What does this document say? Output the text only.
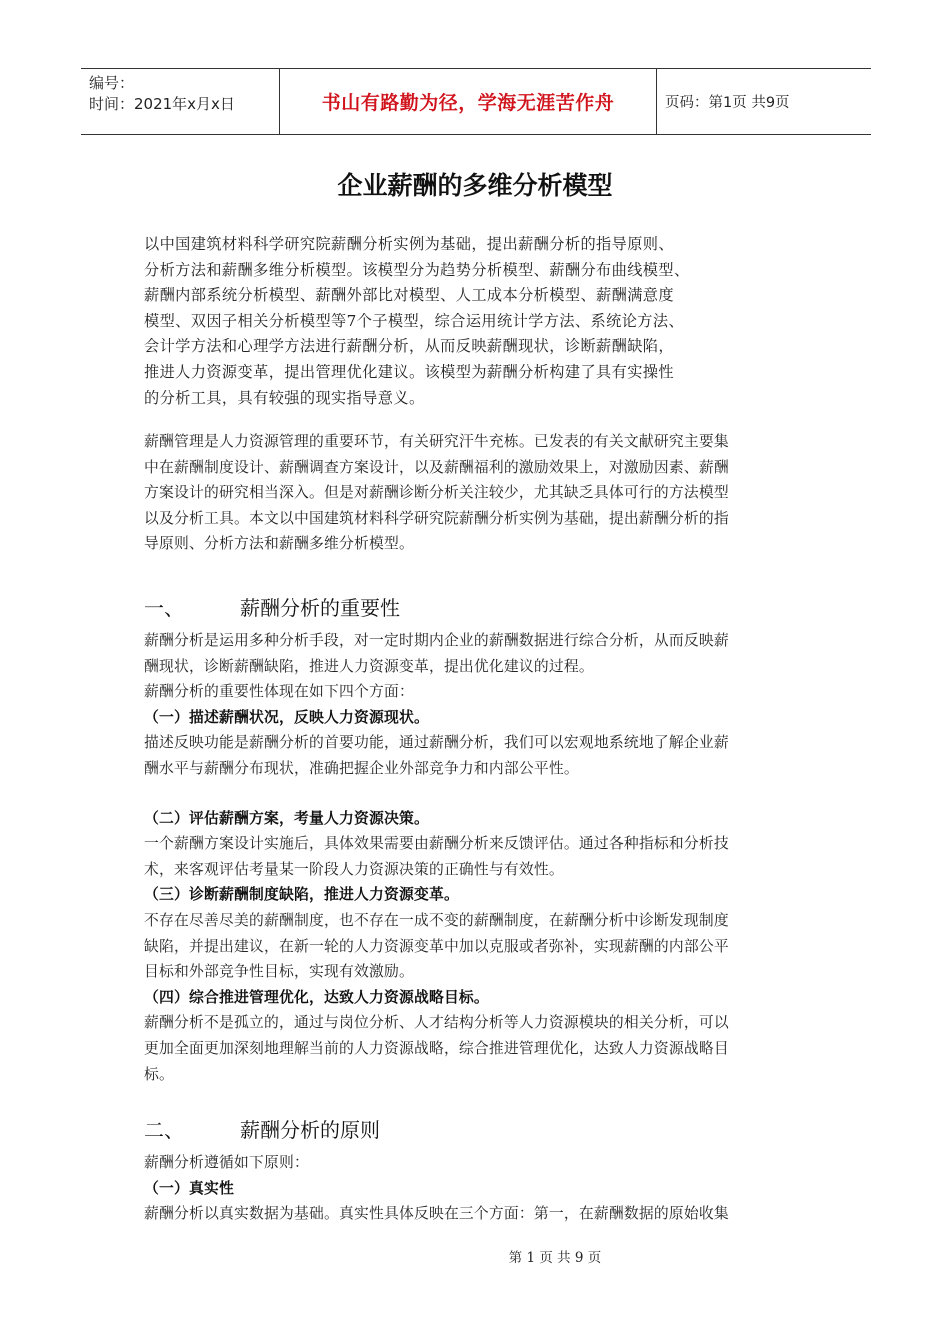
编号：
时间：2021年x月x日	书山有路勤为径，学海无涯苦作舟	页码：第1页 共9页
企业薪酬的多维分析模型

以中国建筑材料科学研究院薪酬分析实例为基础，提出薪酬分析的指导原则、

分析方法和薪酬多维分析模型。该模型分为趋势分析模型、薪酬分布曲线模型、

薪酬内部系统分析模型、薪酬外部比对模型、人工成本分析模型、薪酬满意度

模型、双因子相关分析模型等7个子模型，综合运用统计学方法、系统论方法、

会计学方法和心理学方法进行薪酬分析，从而反映薪酬现状，诊断薪酬缺陷，

推进人力资源变革，提出管理优化建议。该模型为薪酬分析构建了具有实操性

的分析工具，具有较强的现实指导意义。

薪酬管理是人力资源管理的重要环节，有关研究汗牛充栋。已发表的有关文献研究主要集

中在薪酬制度设计、薪酬调查方案设计，以及薪酬福利的激励效果上，对激励因素、薪酬

方案设计的研究相当深入。但是对薪酬诊断分析关注较少，尤其缺乏具体可行的方法模型

以及分析工具。本文以中国建筑材料科学研究院薪酬分析实例为基础，提出薪酬分析的指

导原则、分析方法和薪酬多维分析模型。

一、	薪酬分析的重要性

薪酬分析是运用多种分析手段，对一定时期内企业的薪酬数据进行综合分析，从而反映薪

酬现状，诊断薪酬缺陷，推进人力资源变革，提出优化建议的过程。

薪酬分析的重要性体现在如下四个方面：

（一）描述薪酬状况，反映人力资源现状。

描述反映功能是薪酬分析的首要功能，通过薪酬分析，我们可以宏观地系统地了解企业薪

酬水平与薪酬分布现状，准确把握企业外部竞争力和内部公平性。

（二）评估薪酬方案，考量人力资源决策。

一个薪酬方案设计实施后，具体效果需要由薪酬分析来反馈评估。通过各种指标和分析技

术，来客观评估考量某一阶段人力资源决策的正确性与有效性。

（三）诊断薪酬制度缺陷，推进人力资源变革。

不存在尽善尽美的薪酬制度，也不存在一成不变的薪酬制度，在薪酬分析中诊断发现制度

缺陷，并提出建议，在新一轮的人力资源变革中加以克服或者弥补，实现薪酬的内部公平

目标和外部竞争性目标，实现有效激励。

（四）综合推进管理优化，达致人力资源战略目标。

薪酬分析不是孤立的，通过与岗位分析、人才结构分析等人力资源模块的相关分析，可以

更加全面更加深刻地理解当前的人力资源战略，综合推进管理优化，达致人力资源战略目

标。

二、	薪酬分析的原则

薪酬分析遵循如下原则：

（一）真实性

薪酬分析以真实数据为基础。真实性具体反映在三个方面：第一，在薪酬数据的原始收集

第 1 页 共 9 页
